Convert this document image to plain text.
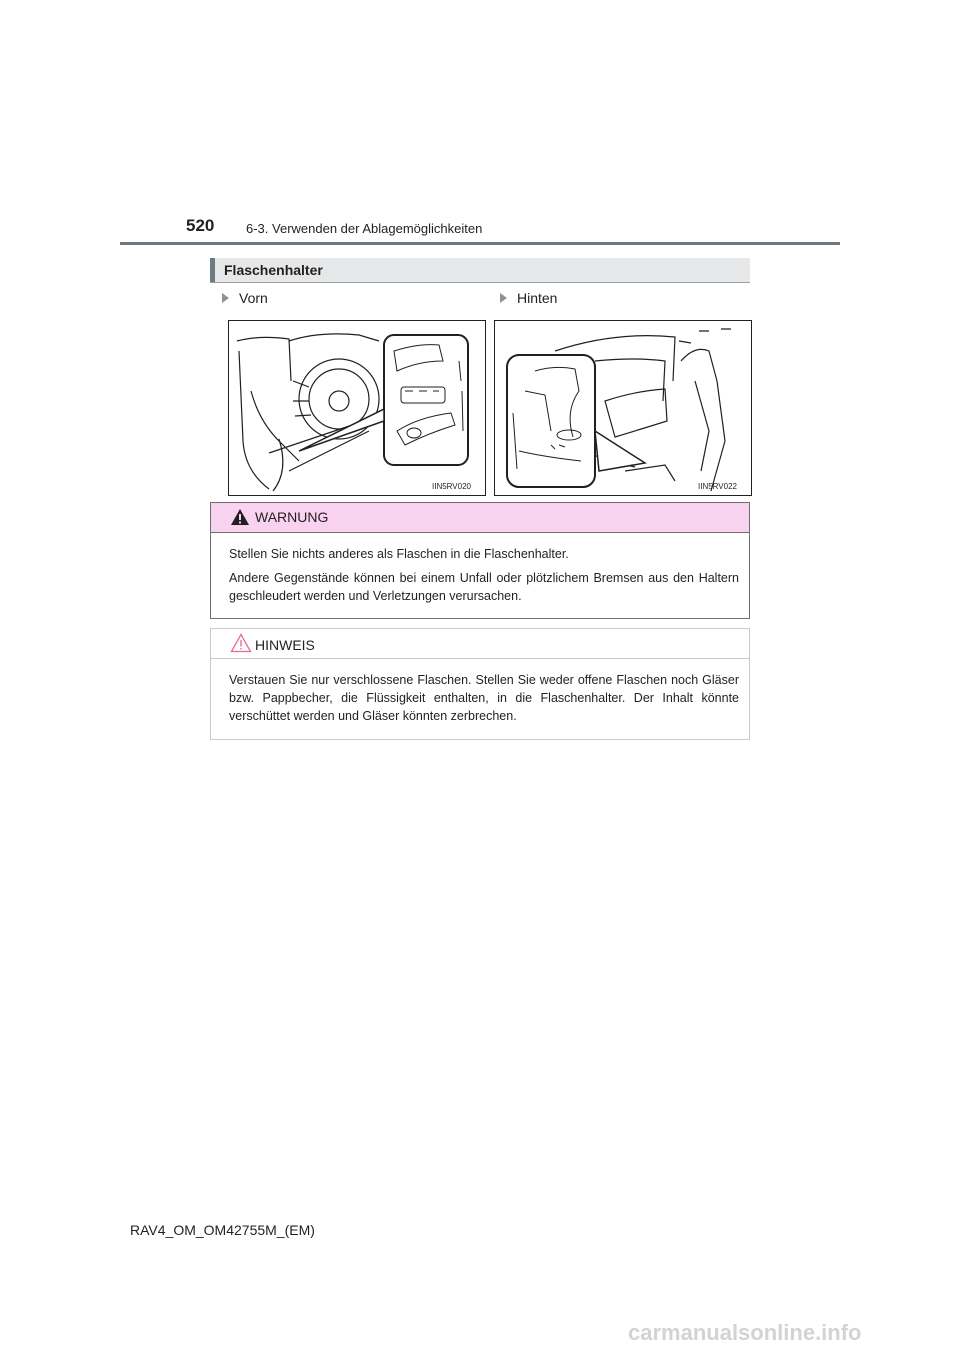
520 6-3. Verwenden der Ablagemöglichkeiten
Flaschenhalter
Vorn	Hinten
IIN5RV020	IIN5RV022
WARNUNG

Stellen Sie nichts anderes als Flaschen in die Flaschenhalter.

Andere Gegenstände können bei einem Unfall oder plötzlichem Bremsen aus den Haltern geschleudert werden und Verletzungen verursachen.

HINWEIS
Verstauen Sie nur verschlossene Flaschen. Stellen Sie weder offene Flaschen noch Gläser bzw. Pappbecher, die Flüssigkeit enthalten, in die Flaschenhalter. Der Inhalt könnte verschüttet werden und Gläser könnten zerbrechen.
RAV4_OM_OM42755M_(EM)
carmanualsonline.info
